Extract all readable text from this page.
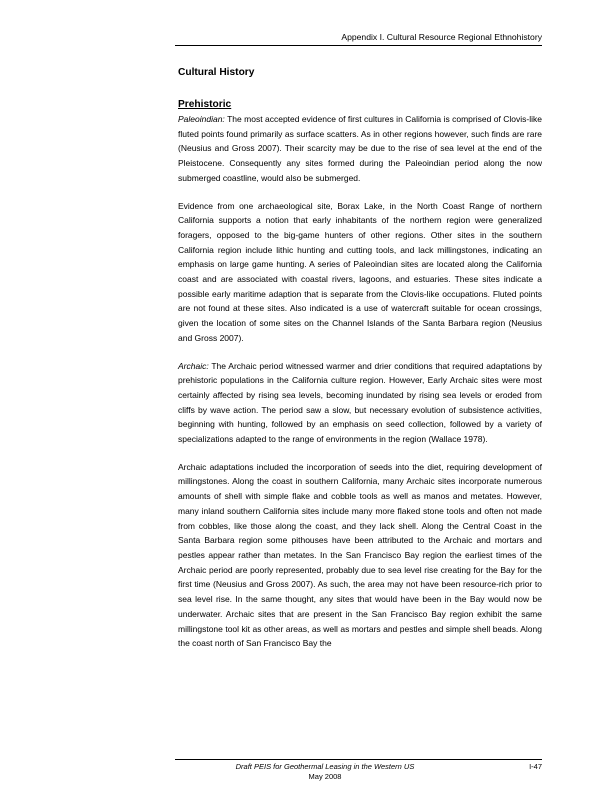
Appendix I. Cultural Resource Regional Ethnohistory
Cultural History
Prehistoric

Paleoindian: The most accepted evidence of first cultures in California is comprised of Clovis-like fluted points found primarily as surface scatters. As in other regions however, such finds are rare (Neusius and Gross 2007). Their scarcity may be due to the rise of sea level at the end of the Pleistocene. Consequently any sites formed during the Paleoindian period along the now submerged coastline, would also be submerged.

Evidence from one archaeological site, Borax Lake, in the North Coast Range of northern California supports a notion that early inhabitants of the northern region were generalized foragers, opposed to the big-game hunters of other regions. Other sites in the southern California region include lithic hunting and cutting tools, and lack millingstones, indicating an emphasis on large game hunting. A series of Paleoindian sites are located along the California coast and are associated with coastal rivers, lagoons, and estuaries. These sites indicate a possible early maritime adaption that is separate from the Clovis-like occupations. Fluted points are not found at these sites. Also indicated is a use of watercraft suitable for ocean crossings, given the location of some sites on the Channel Islands of the Santa Barbara region (Neusius and Gross 2007).

Archaic: The Archaic period witnessed warmer and drier conditions that required adaptations by prehistoric populations in the California culture region. However, Early Archaic sites were most certainly affected by rising sea levels, becoming inundated by rising sea levels or eroded from cliffs by wave action. The period saw a slow, but necessary evolution of subsistence activities, beginning with hunting, followed by an emphasis on seed collection, followed by a variety of specializations adapted to the range of environments in the region (Wallace 1978).

Archaic adaptations included the incorporation of seeds into the diet, requiring development of millingstones. Along the coast in southern California, many Archaic sites incorporate numerous amounts of shell with simple flake and cobble tools as well as manos and metates. However, many inland southern California sites include many more flaked stone tools and often not made from cobbles, like those along the coast, and they lack shell. Along the Central Coast in the Santa Barbara region some pithouses have been attributed to the Archaic and mortars and pestles appear rather than metates. In the San Francisco Bay region the earliest times of the Archaic period are poorly represented, probably due to sea level rise creating for the Bay for the first time (Neusius and Gross 2007). As such, the area may not have been resource-rich prior to sea level rise. In the same thought, any sites that would have been in the Bay would now be underwater. Archaic sites that are present in the San Francisco Bay region exhibit the same millingstone tool kit as other areas, as well as mortars and pestles and simple shell beads. Along the coast north of San Francisco Bay the

Draft PEIS for Geothermal Leasing in the Western US	I-47
May 2008
